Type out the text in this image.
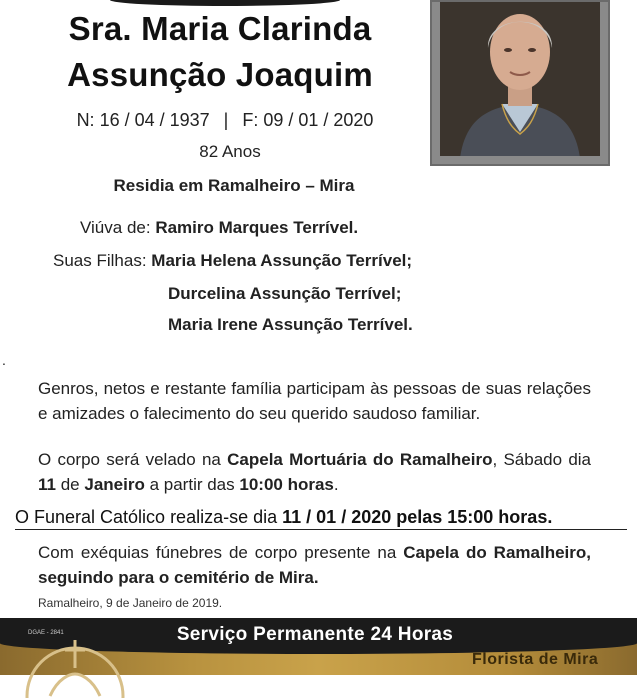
Sra. Maria Clarinda
Assunção Joaquim
N: 16 / 04 / 1937 | F: 09 / 01 / 2020
82 Anos
Residia em Ramalheiro – Mira
Viúva de: Ramiro Marques Terrível.
Suas Filhas: Maria Helena Assunção Terrível;
Durcelina Assunção Terrível;
Maria Irene Assunção Terrível.
.
Genros, netos e restante família participam às pessoas de suas relações e amizades o falecimento do seu querido saudoso familiar.
O corpo será velado na Capela Mortuária do Ramalheiro, Sábado dia 11 de Janeiro a partir das 10:00 horas.
O Funeral Católico realiza-se dia 11 / 01 / 2020 pelas 15:00 horas.
Com exéquias fúnebres de corpo presente na Capela do Ramalheiro, seguindo para o cemitério de Mira.
Ramalheiro, 9 de Janeiro de 2019.
DGAE - 2841	Serviço Permanente 24 Horas
Florista de Mira
